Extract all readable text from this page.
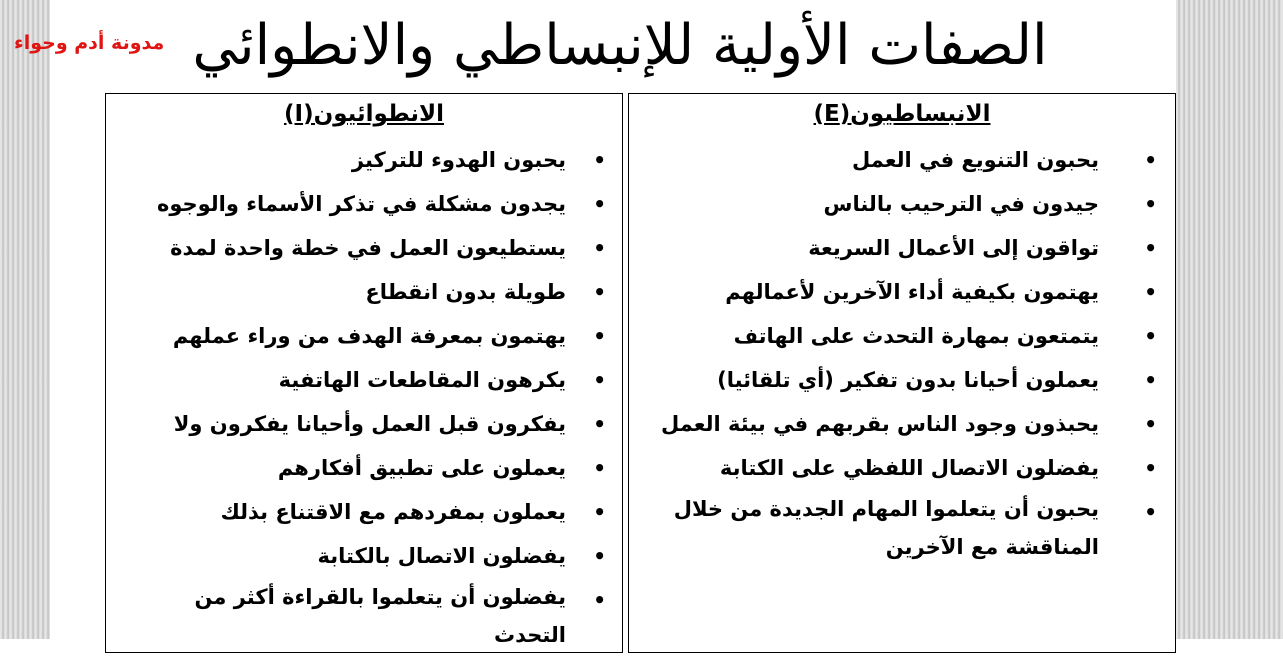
الصفات الأولية للإنبساطي والانطوائي
مدونة أدم وحواء
الانبساطيون(E)
•
يحبون التنويع في العمل
•
جيدون في الترحيب بالناس
•
تواقون إلى الأعمال السريعة
•
يهتمون بكيفية أداء الآخرين لأعمالهم
•
يتمتعون بمهارة التحدث على الهاتف
•
يعملون أحيانا بدون تفكير (أي تلقائيا)
•
يحبذون وجود الناس بقربهم في بيئة العمل
•
يفضلون الاتصال اللفظي على الكتابة
•
يحبون أن يتعلموا المهام الجديدة من خلال المناقشة مع الآخرين
الانطوائيون(I)
•
يحبون الهدوء للتركيز
•
يجدون مشكلة في تذكر الأسماء والوجوه
•
يستطيعون العمل في خطة واحدة لمدة
•
طويلة بدون انقطاع
•
يهتمون بمعرفة الهدف من وراء عملهم
•
يكرهون المقاطعات الهاتفية
•
يفكرون قبل العمل وأحيانا يفكرون ولا
•
يعملون على تطبيق أفكارهم
•
يعملون بمفردهم مع الاقتناع بذلك
•
يفضلون الاتصال بالكتابة
•
يفضلون أن يتعلموا بالقراءة أكثر من التحدث
